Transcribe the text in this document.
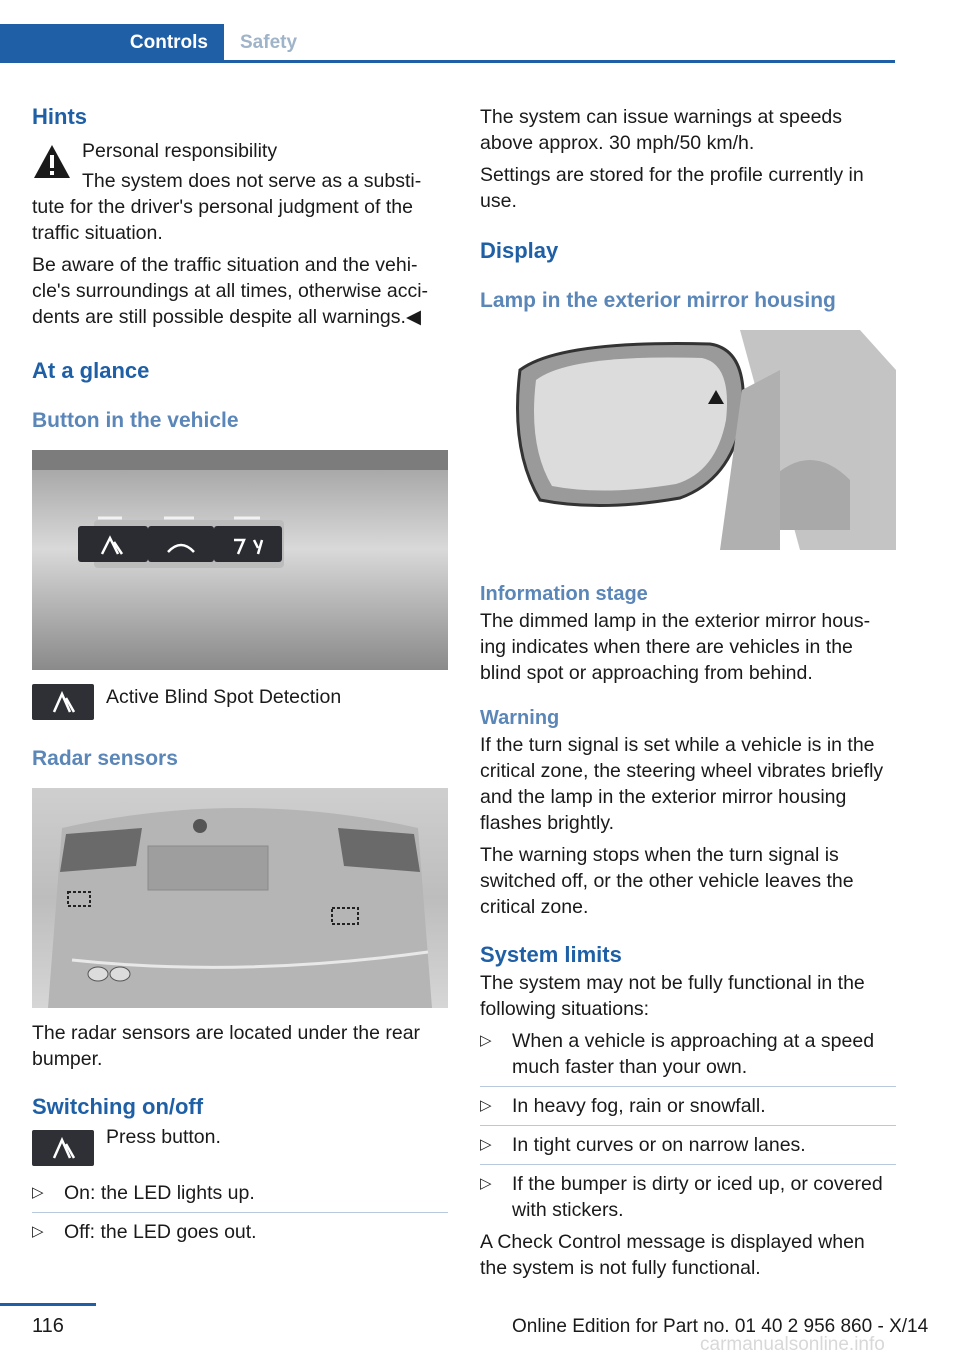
Controls	Safety
Hints

Personal responsibility

The system does not serve as a substi‐

tute for the driver's personal judgment of the traffic situation.

Be aware of the traffic situation and the vehi‐cle's surroundings at all times, otherwise acci‐dents are still possible despite all warnings.◀

At a glance
Button in the vehicle
Active Blind Spot Detection
Radar sensors

The radar sensors are located under the rear bumper.

Switching on/off
Press button.
▷ On: the LED lights up.
▷ Off: the LED goes out.

The system can issue warnings at speeds above approx. 30 mph/50 km/h.

Settings are stored for the profile currently in use.

Display
Lamp in the exterior mirror housing
Information stage

The dimmed lamp in the exterior mirror hous‐ing indicates when there are vehicles in the blind spot or approaching from behind.

Warning

If the turn signal is set while a vehicle is in the critical zone, the steering wheel vibrates briefly and the lamp in the exterior mirror housing flashes brightly.

The warning stops when the turn signal is switched off, or the other vehicle leaves the critical zone.

System limits

The system may not be fully functional in the following situations:

▷ When a vehicle is approaching at a speed much faster than your own.
▷ In heavy fog, rain or snowfall.
▷ In tight curves or on narrow lanes.
▷ If the bumper is dirty or iced up, or covered with stickers.

A Check Control message is displayed when the system is not fully functional.

116	Online Edition for Part no. 01 40 2 956 860 - X/14
carmanualsonline.info
